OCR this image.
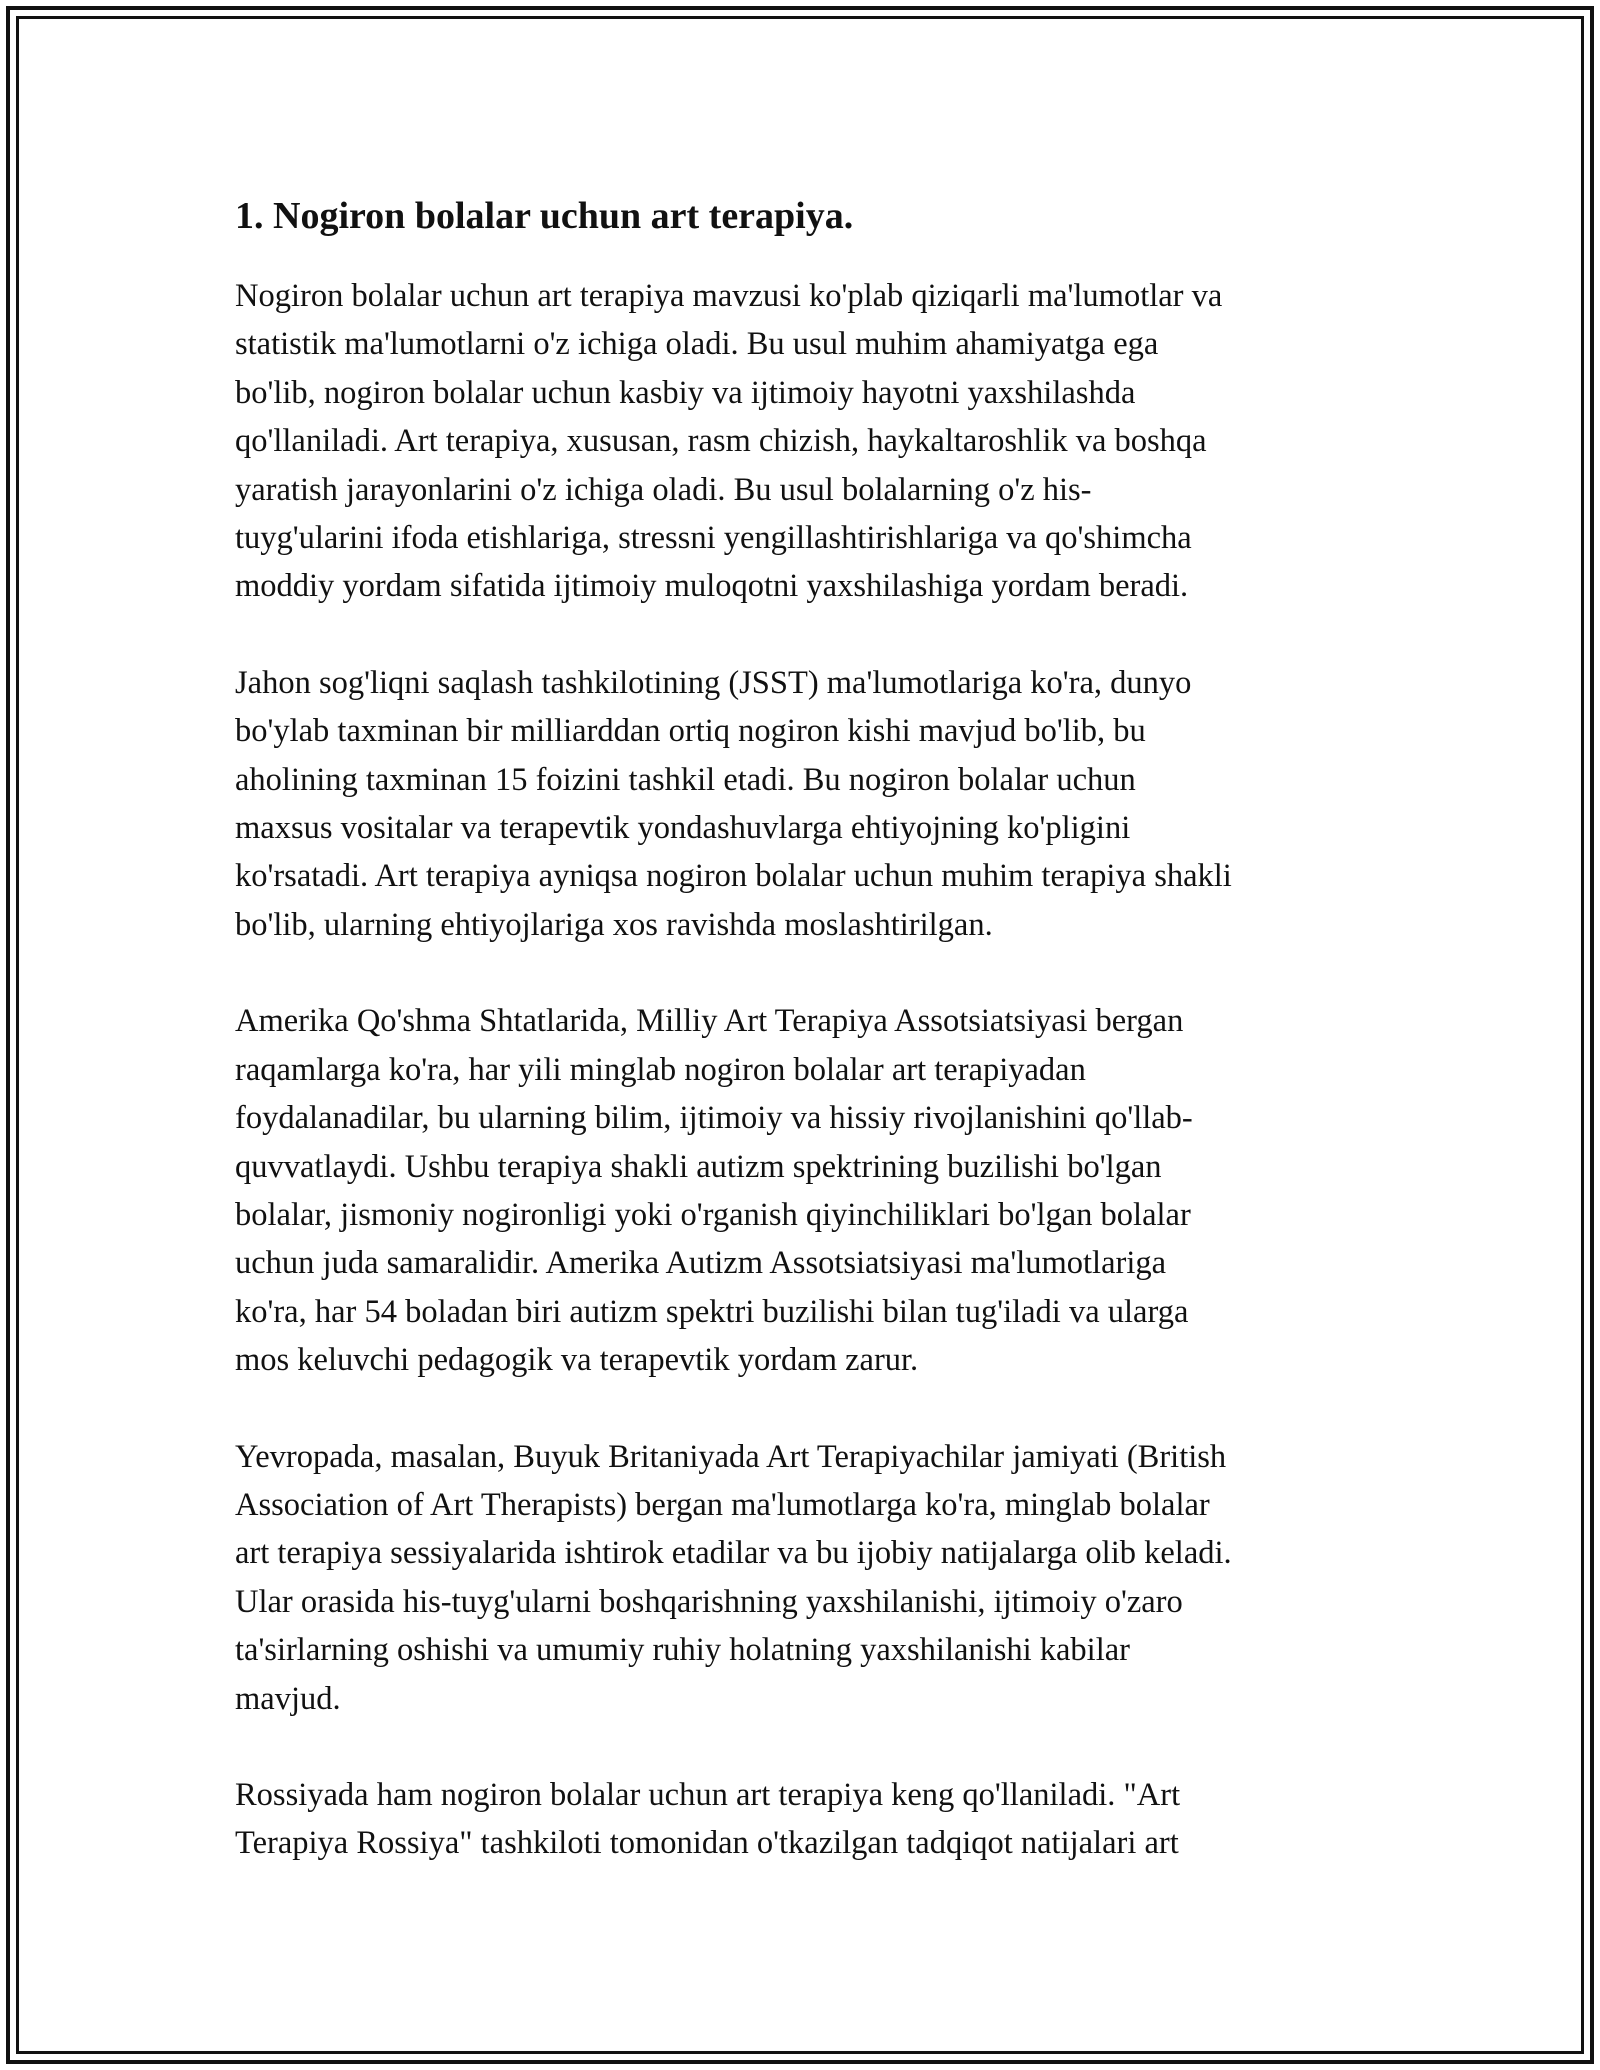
1. Nogiron bolalar uchun art terapiya.

Nogiron bolalar uchun art terapiya mavzusi ko'plab qiziqarli ma'lumotlar va
statistik ma'lumotlarni o'z ichiga oladi. Bu usul muhim ahamiyatga ega
bo'lib, nogiron bolalar uchun kasbiy va ijtimoiy hayotni yaxshilashda
qo'llaniladi. Art terapiya, xususan, rasm chizish, haykaltaroshlik va boshqa
yaratish jarayonlarini o'z ichiga oladi. Bu usul bolalarning o'z his-
tuyg'ularini ifoda etishlariga, stressni yengillashtirishlariga va qo'shimcha
moddiy yordam sifatida ijtimoiy muloqotni yaxshilashiga yordam beradi.

Jahon sog'liqni saqlash tashkilotining (JSST) ma'lumotlariga ko'ra, dunyo
bo'ylab taxminan bir milliarddan ortiq nogiron kishi mavjud bo'lib, bu
aholining taxminan 15 foizini tashkil etadi. Bu nogiron bolalar uchun
maxsus vositalar va terapevtik yondashuvlarga ehtiyojning ko'pligini
ko'rsatadi. Art terapiya ayniqsa nogiron bolalar uchun muhim terapiya shakli
bo'lib, ularning ehtiyojlariga xos ravishda moslashtirilgan.

Amerika Qo'shma Shtatlarida, Milliy Art Terapiya Assotsiatsiyasi bergan
raqamlarga ko'ra, har yili minglab nogiron bolalar art terapiyadan
foydalanadilar, bu ularning bilim, ijtimoiy va hissiy rivojlanishini qo'llab-
quvvatlaydi. Ushbu terapiya shakli autizm spektrining buzilishi bo'lgan
bolalar, jismoniy nogironligi yoki o'rganish qiyinchiliklari bo'lgan bolalar
uchun juda samaralidir. Amerika Autizm Assotsiatsiyasi ma'lumotlariga
ko'ra, har 54 boladan biri autizm spektri buzilishi bilan tug'iladi va ularga
mos keluvchi pedagogik va terapevtik yordam zarur.

Yevropada, masalan, Buyuk Britaniyada Art Terapiyachilar jamiyati (British
Association of Art Therapists) bergan ma'lumotlarga ko'ra, minglab bolalar
art terapiya sessiyalarida ishtirok etadilar va bu ijobiy natijalarga olib keladi.
Ular orasida his-tuyg'ularni boshqarishning yaxshilanishi, ijtimoiy o'zaro
ta'sirlarning oshishi va umumiy ruhiy holatning yaxshilanishi kabilar
mavjud.

Rossiyada ham nogiron bolalar uchun art terapiya keng qo'llaniladi. "Art
Terapiya Rossiya" tashkiloti tomonidan o'tkazilgan tadqiqot natijalari art
